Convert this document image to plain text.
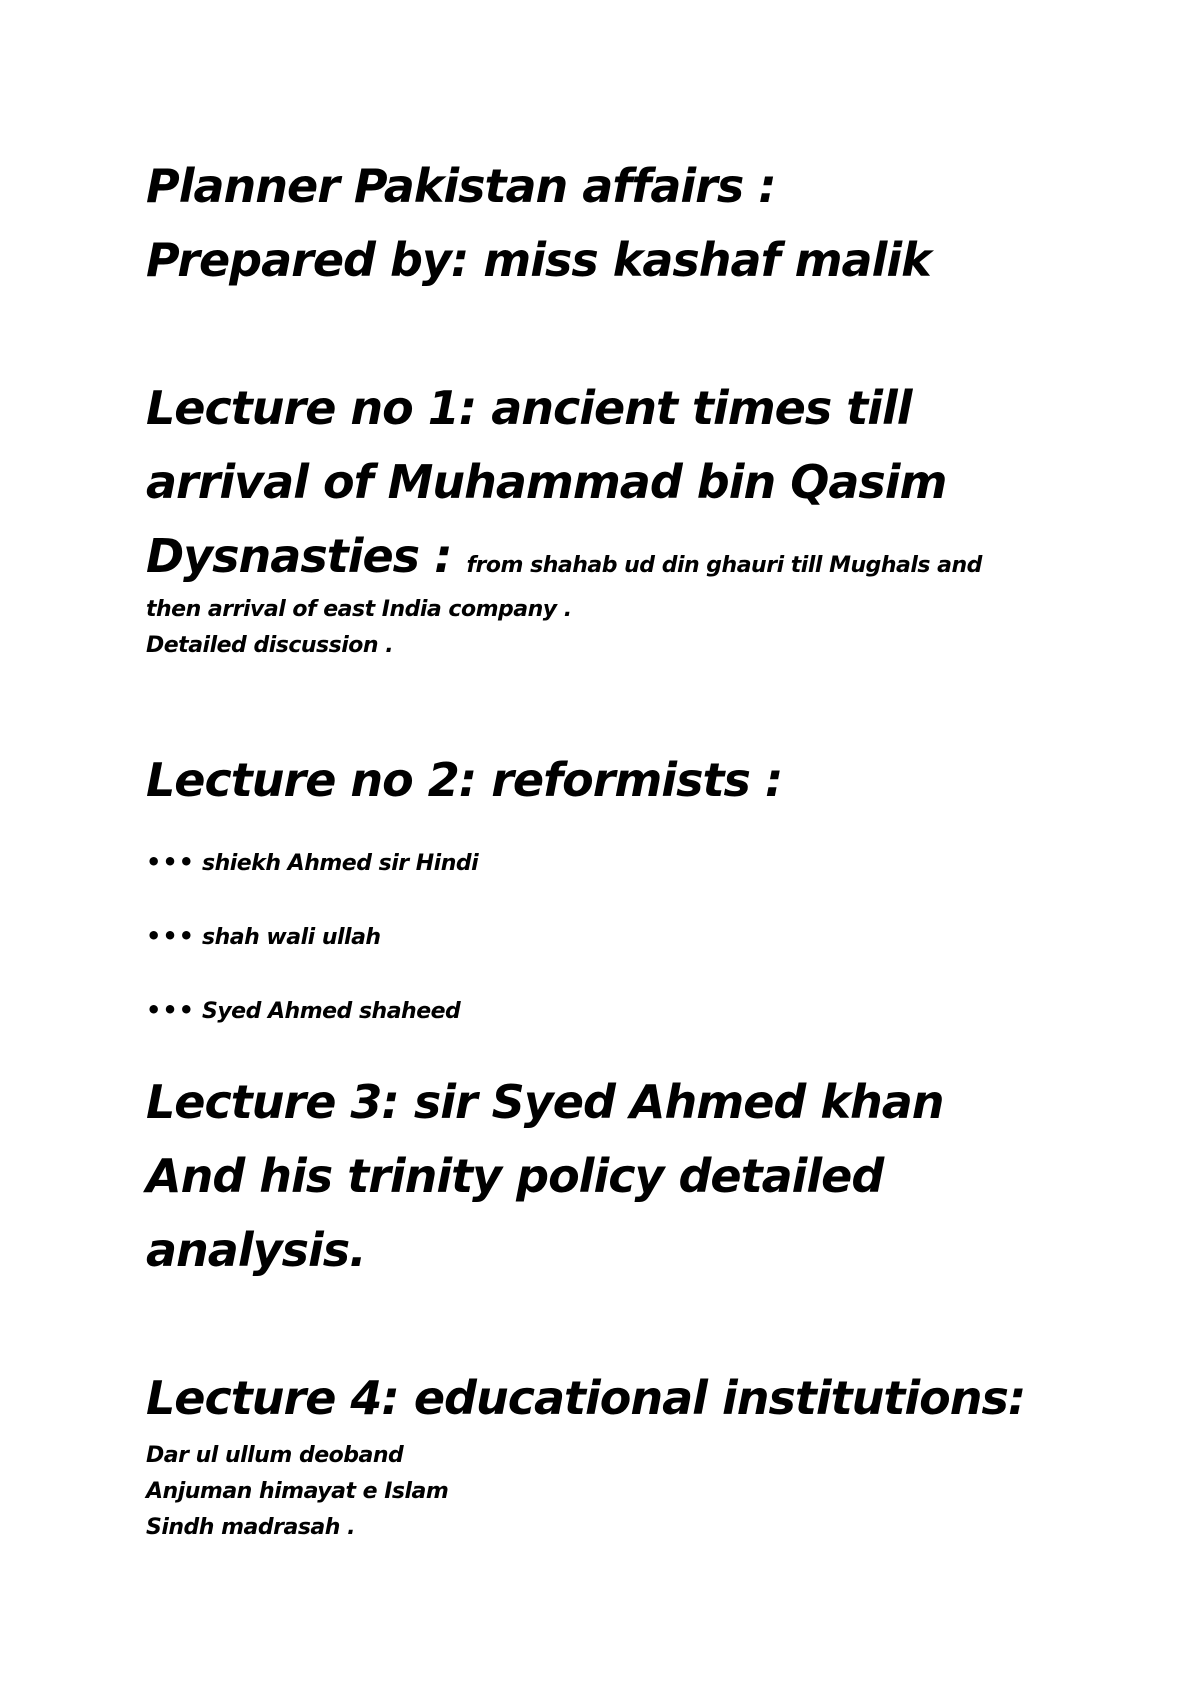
Planner Pakistan affairs :

Prepared by: miss kashaf malik

Lecture no 1: ancient times till

arrival of Muhammad bin Qasim

Dysnasties : from shahab ud din ghauri till Mughals and

then arrival of east India company .

Detailed discussion .

Lecture no 2: reformists :

••• shiekh Ahmed sir Hindi
••• shah wali ullah
••• Syed Ahmed shaheed

Lecture 3: sir Syed Ahmed khan

And his trinity policy detailed

analysis.

Lecture 4: educational institutions:

Dar ul ullum deoband

Anjuman himayat e Islam

Sindh madrasah .
